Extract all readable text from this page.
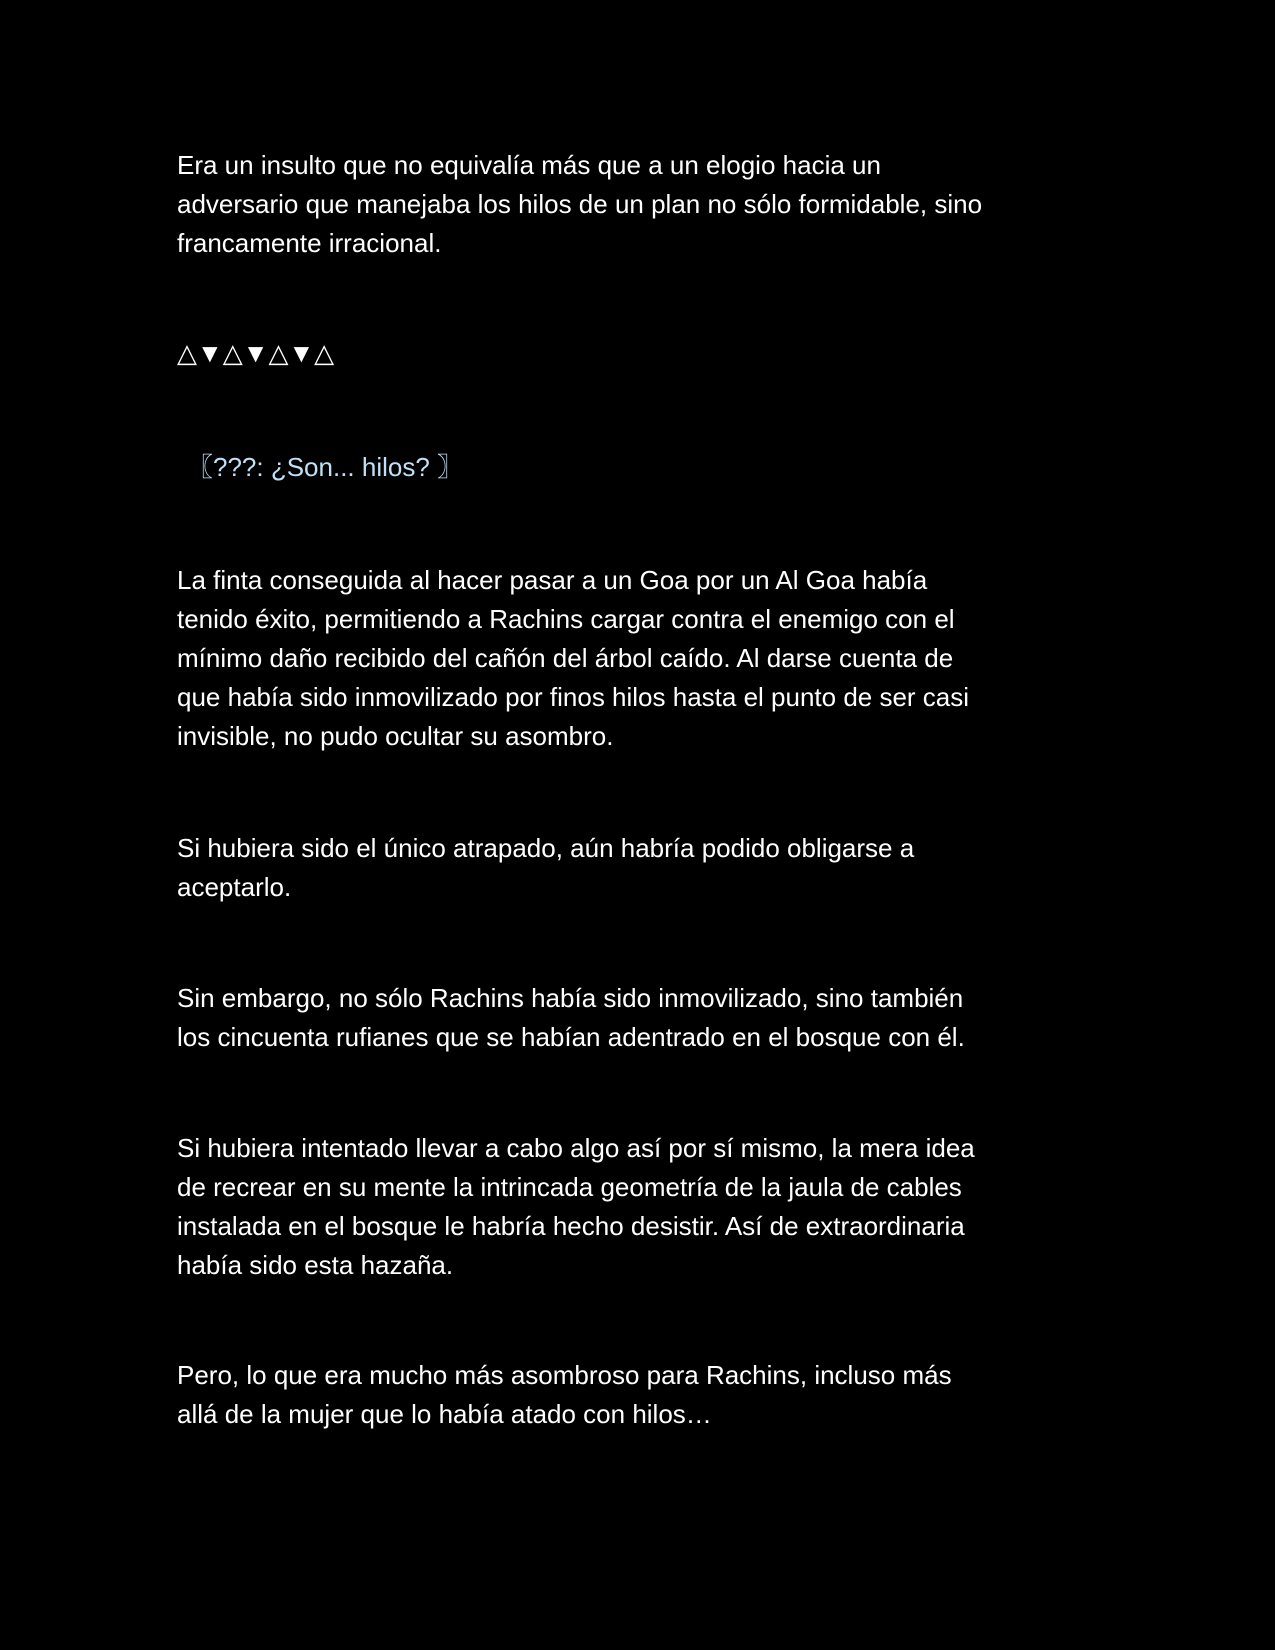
Era un insulto que no equivalía más que a un elogio hacia un
adversario que manejaba los hilos de un plan no sólo formidable, sino
francamente irracional.

△▼△▼△▼△

〖???: ¿Son... hilos? 〗

La finta conseguida al hacer pasar a un Goa por un Al Goa había
tenido éxito, permitiendo a Rachins cargar contra el enemigo con el
mínimo daño recibido del cañón del árbol caído. Al darse cuenta de
que había sido inmovilizado por finos hilos hasta el punto de ser casi
invisible, no pudo ocultar su asombro.

Si hubiera sido el único atrapado, aún habría podido obligarse a
aceptarlo.

Sin embargo, no sólo Rachins había sido inmovilizado, sino también
los cincuenta rufianes que se habían adentrado en el bosque con él.

Si hubiera intentado llevar a cabo algo así por sí mismo, la mera idea
de recrear en su mente la intrincada geometría de la jaula de cables
instalada en el bosque le habría hecho desistir. Así de extraordinaria
había sido esta hazaña.

Pero, lo que era mucho más asombroso para Rachins, incluso más
allá de la mujer que lo había atado con hilos…
